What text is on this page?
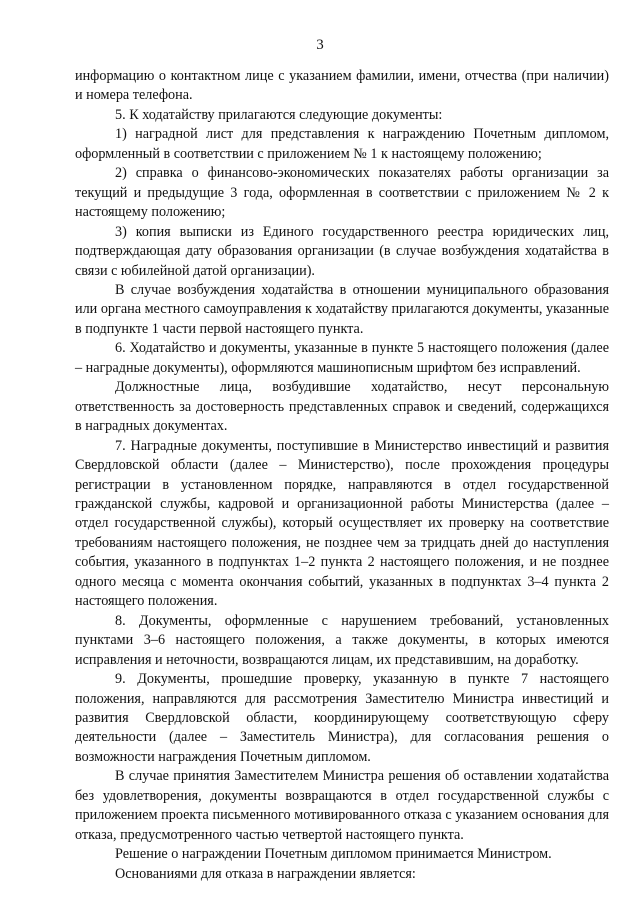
3

информацию о контактном лице с указанием фамилии, имени, отчества (при наличии) и номера телефона.

5. К ходатайству прилагаются следующие документы:

1) наградной лист для представления к награждению Почетным дипломом, оформленный в соответствии с приложением № 1 к настоящему положению;

2) справка о финансово-экономических показателях работы организации за текущий и предыдущие 3 года, оформленная в соответствии с приложением № 2 к настоящему положению;

3) копия выписки из Единого государственного реестра юридических лиц, подтверждающая дату образования организации (в случае возбуждения ходатайства в связи с юбилейной датой организации).

В случае возбуждения ходатайства в отношении муниципального образования или органа местного самоуправления к ходатайству прилагаются документы, указанные в подпункте 1 части первой настоящего пункта.

6. Ходатайство и документы, указанные в пункте 5 настоящего положения (далее – наградные документы), оформляются машинописным шрифтом без исправлений.

Должностные лица, возбудившие ходатайство, несут персональную ответственность за достоверность представленных справок и сведений, содержащихся в наградных документах.

7. Наградные документы, поступившие в Министерство инвестиций и развития Свердловской области (далее – Министерство), после прохождения процедуры регистрации в установленном порядке, направляются в отдел государственной гражданской службы, кадровой и организационной работы Министерства (далее – отдел государственной службы), который осуществляет их проверку на соответствие требованиям настоящего положения, не позднее чем за тридцать дней до наступления события, указанного в подпунктах 1–2 пункта 2 настоящего положения, и не позднее одного месяца с момента окончания событий, указанных в подпунктах 3–4 пункта 2 настоящего положения.

8. Документы, оформленные с нарушением требований, установленных пунктами 3–6 настоящего положения, а также документы, в которых имеются исправления и неточности, возвращаются лицам, их представившим, на доработку.

9. Документы, прошедшие проверку, указанную в пункте 7 настоящего положения, направляются для рассмотрения Заместителю Министра инвестиций и развития Свердловской области, координирующему соответствующую сферу деятельности (далее – Заместитель Министра), для согласования решения о возможности награждения Почетным дипломом.

В случае принятия Заместителем Министра решения об оставлении ходатайства без удовлетворения, документы возвращаются в отдел государственной службы с приложением проекта письменного мотивированного отказа с указанием основания для отказа, предусмотренного частью четвертой настоящего пункта.

Решение о награждении Почетным дипломом принимается Министром.

Основаниями для отказа в награждении является:
